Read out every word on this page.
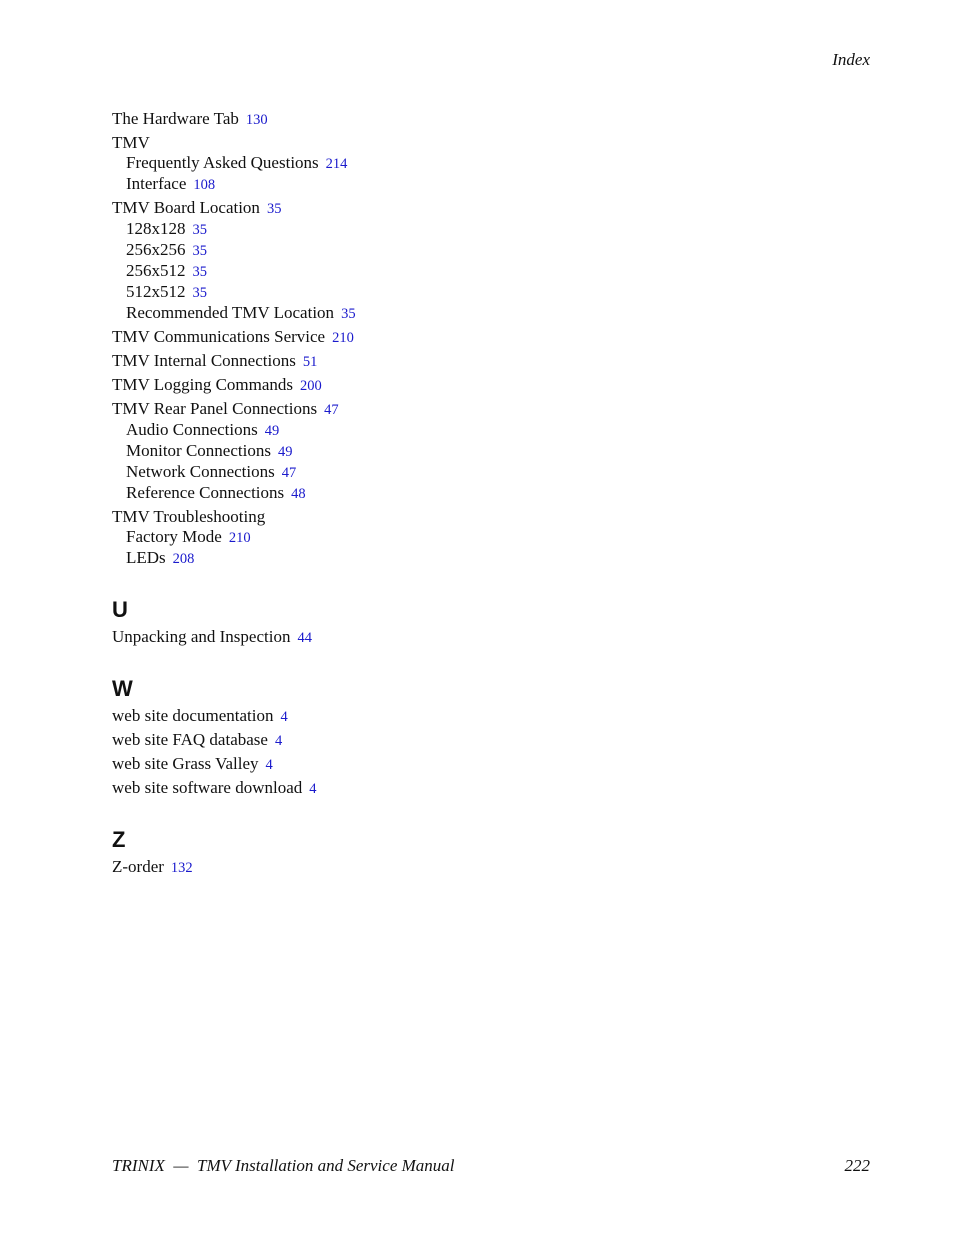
Index
The Hardware Tab 130
TMV
Frequently Asked Questions 214
Interface 108
TMV Board Location 35
128x128 35
256x256 35
256x512 35
512x512 35
Recommended TMV Location 35
TMV Communications Service 210
TMV Internal Connections 51
TMV Logging Commands 200
TMV Rear Panel Connections 47
Audio Connections 49
Monitor Connections 49
Network Connections 47
Reference Connections 48
TMV Troubleshooting
Factory Mode 210
LEDs 208
U
Unpacking and Inspection 44
W
web site documentation 4
web site FAQ database 4
web site Grass Valley 4
web site software download 4
Z
Z-order 132
TRINIX — TMV Installation and Service Manual	222
